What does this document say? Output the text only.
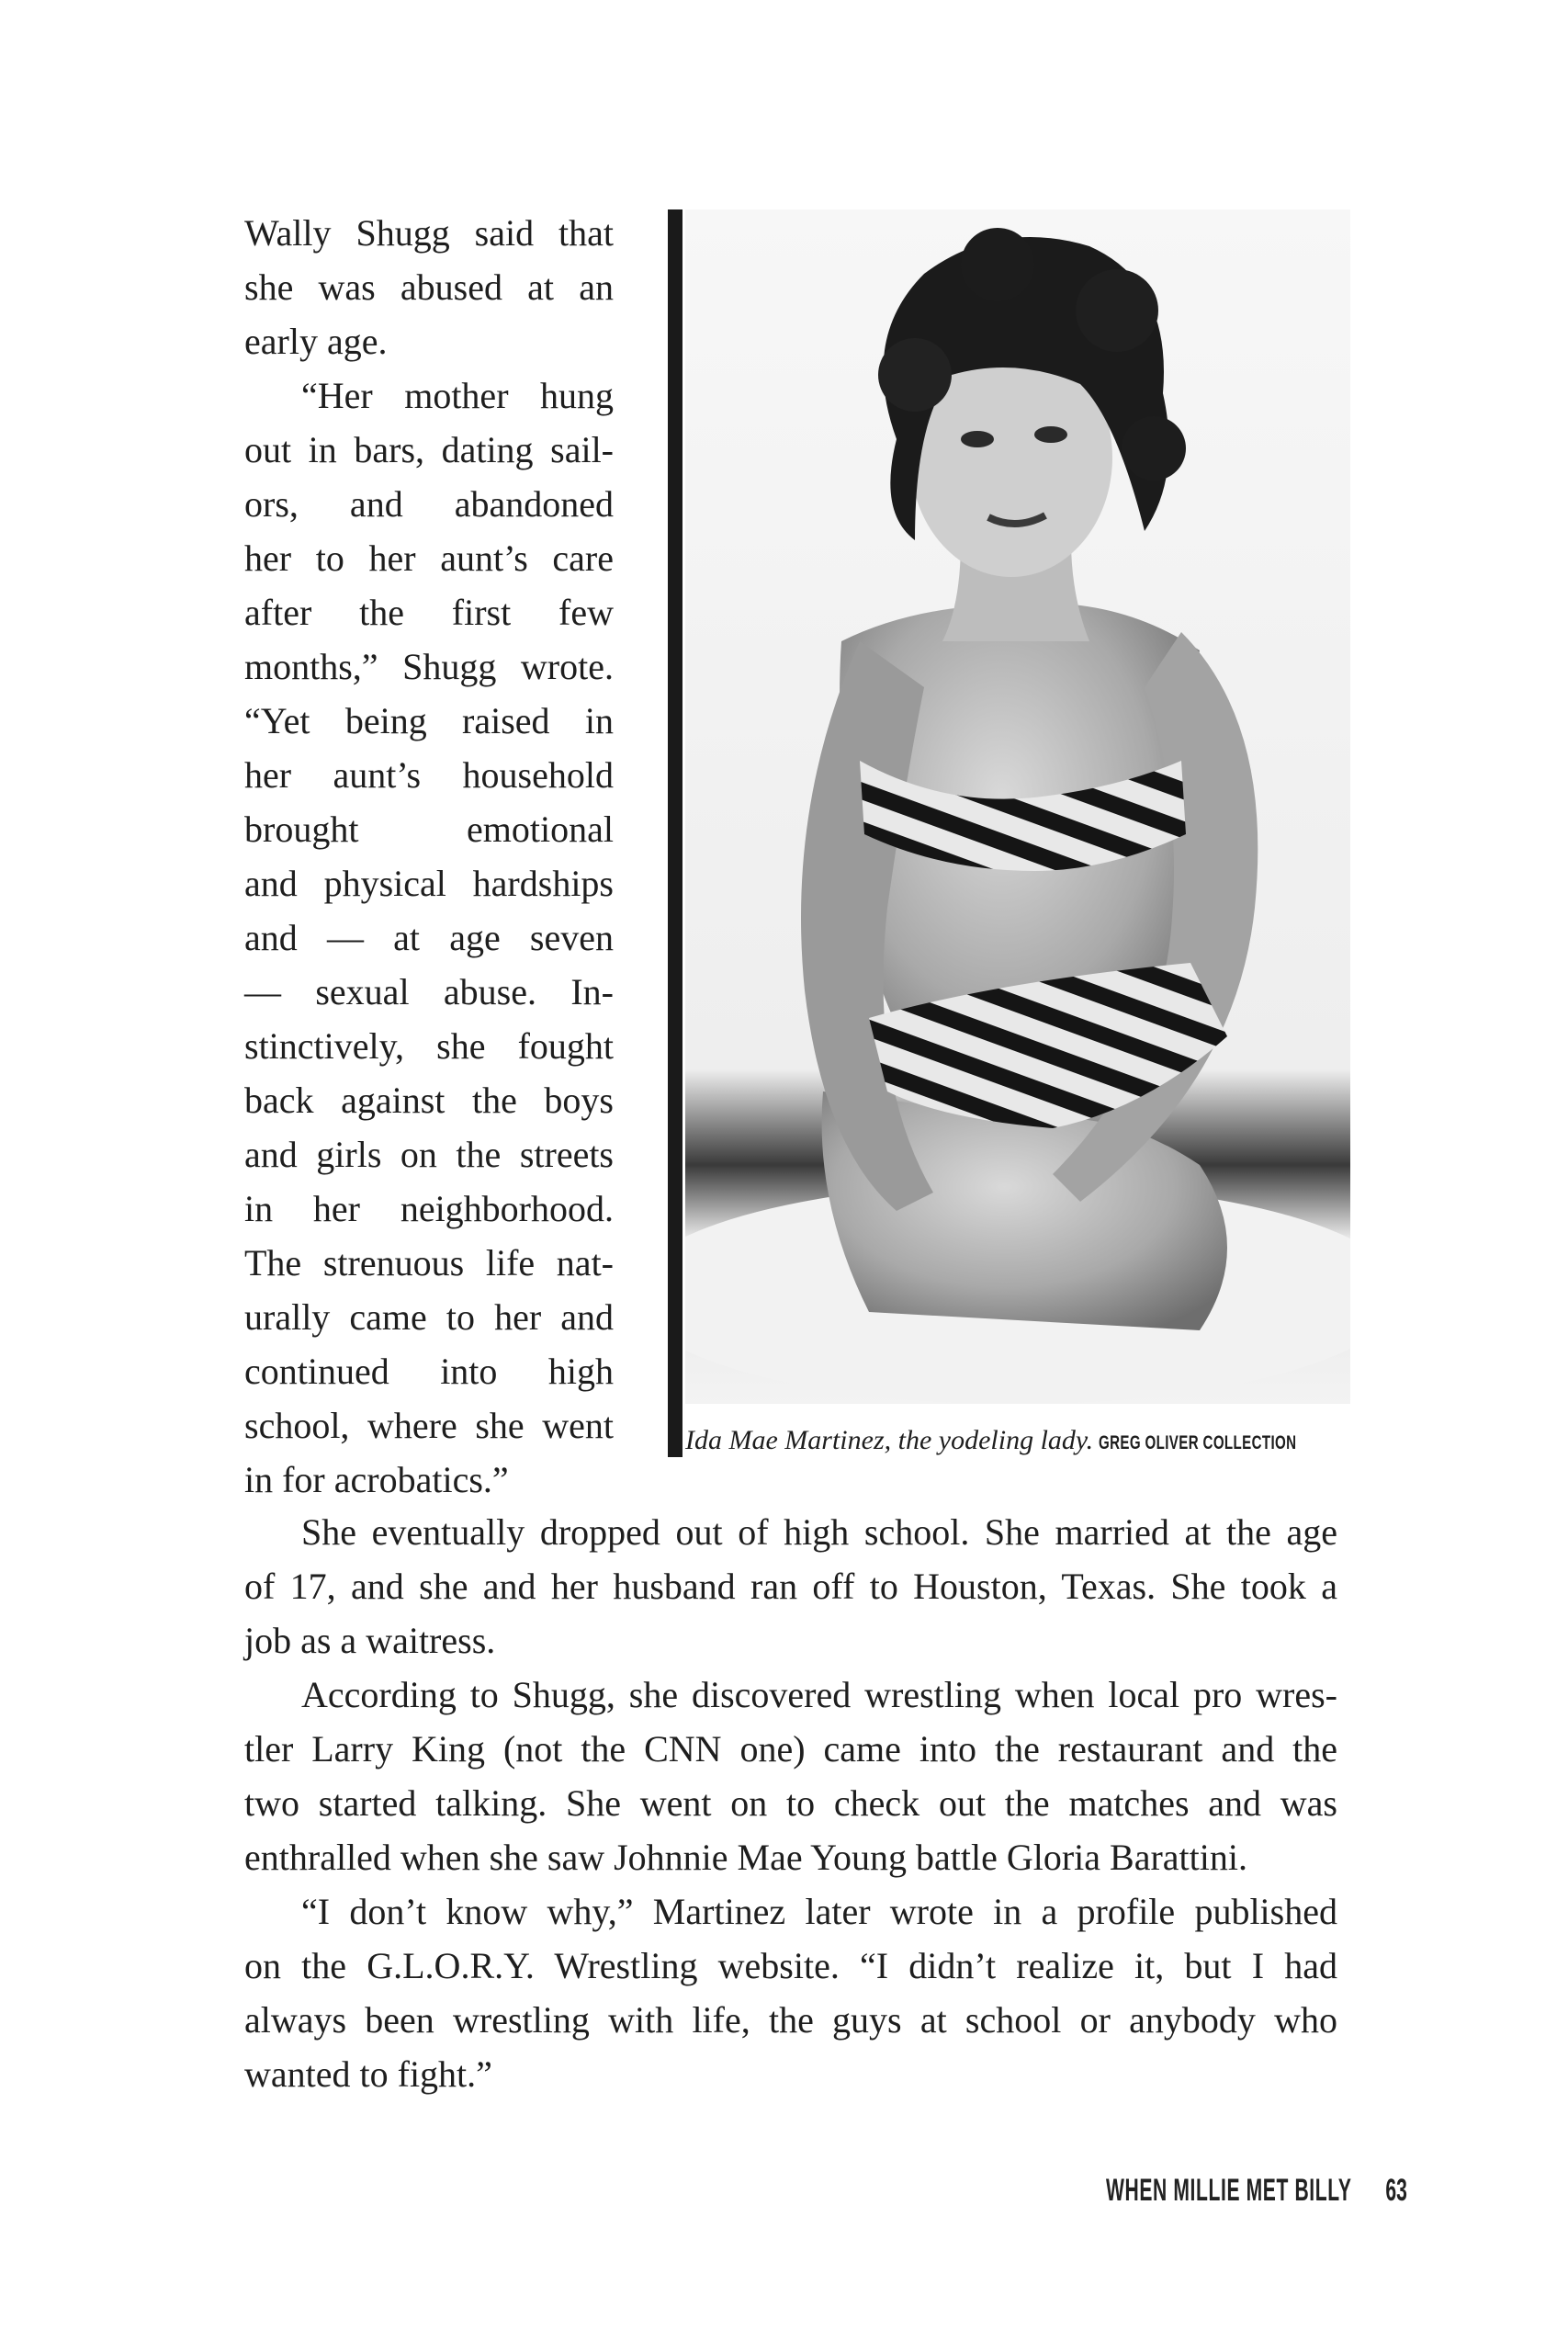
Wally Shugg said that
she was abused at an
early age.
“Her mother hung
out in bars, dating sail-
ors, and abandoned
her to her aunt’s care
after the first few
months,” Shugg wrote.
“Yet being raised in
her aunt’s household
brought emotional
and physical hardships
and — at age seven
— sexual abuse. In-
stinctively, she fought
back against the boys
and girls on the streets
in her neighborhood.
The strenuous life nat-
urally came to her and
continued into high
school, where she went
in for acrobatics.”
Ida Mae Martinez, the yodeling lady. GREG OLIVER COLLECTION
She eventually dropped out of high school. She married at the age
of 17, and she and her husband ran off to Houston, Texas. She took a
job as a waitress.
According to Shugg, she discovered wrestling when local pro wres-
tler Larry King (not the CNN one) came into the restaurant and the
two started talking. She went on to check out the matches and was
enthralled when she saw Johnnie Mae Young battle Gloria Barattini.
“I don’t know why,” Martinez later wrote in a profile published
on the G.L.O.R.Y. Wrestling website. “I didn’t realize it, but I had
always been wrestling with life, the guys at school or anybody who
wanted to fight.”
WHEN MILLIE MET BILLY 63
